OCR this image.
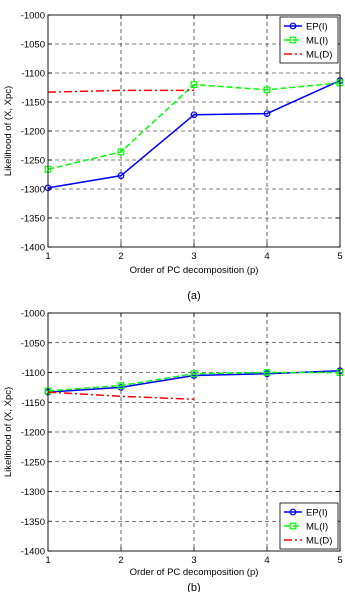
-1000
-1050
-1100
-1150
-1200
-1250
-1300
-1350
-1400
1	2	3	4	5
EP(I)
ML(I)
ML(D)
Order of PC decomposition (p)
Likelihood of (X, Xpc)
(a)
-1000
-1050
-1100
-1150
-1200
-1250
-1300
-1350
-1400
1	2	3	4	5
EP(I)
ML(I)
ML(D)
Order of PC decomposition (p)
Likelihood of (X, Xpc)
(b)
